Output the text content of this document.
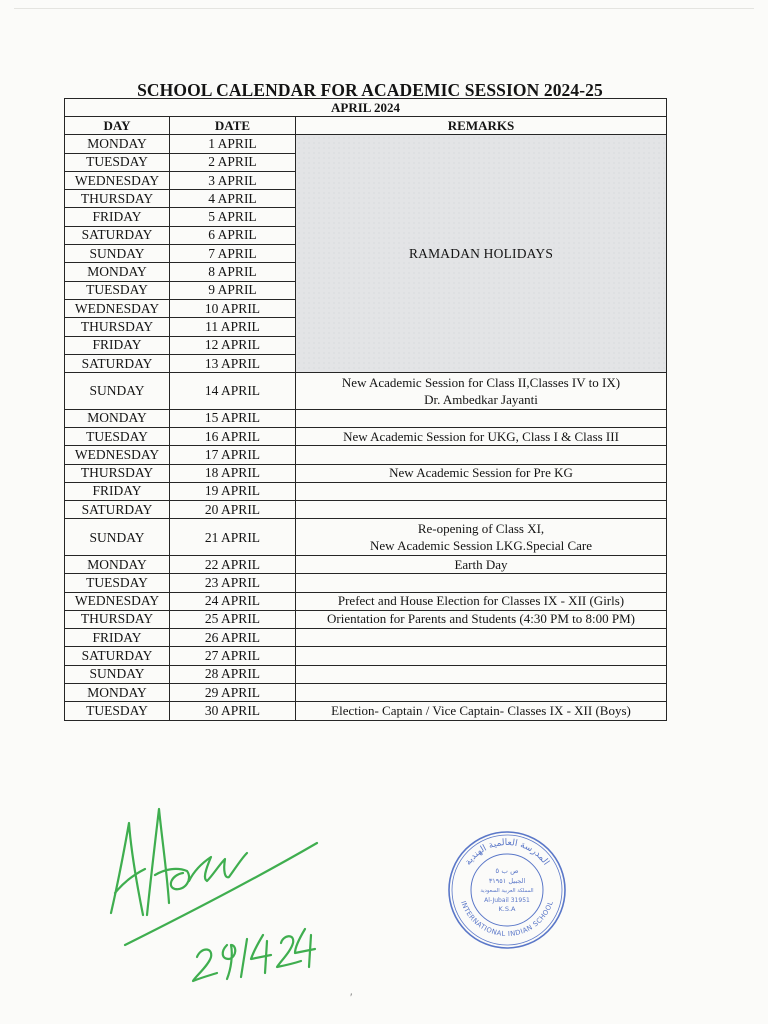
SCHOOL CALENDAR FOR ACADEMIC SESSION 2024-25
APRIL 2024		
DAY	DATE	REMARKS
MONDAY	1 APRIL	RAMADAN HOLIDAYS
TUESDAY	2 APRIL	
WEDNESDAY	3 APRIL	
THURSDAY	4 APRIL	
FRIDAY	5 APRIL	
SATURDAY	6 APRIL	
SUNDAY	7 APRIL	
MONDAY	8 APRIL	
TUESDAY	9 APRIL	
WEDNESDAY	10 APRIL	
THURSDAY	11 APRIL	
FRIDAY	12 APRIL	
SATURDAY	13 APRIL	
SUNDAY	14 APRIL	New Academic Session for Class II,Classes IV to IX)
Dr. Ambedkar Jayanti

MONDAY	15 APRIL	
TUESDAY	16 APRIL	New Academic Session for UKG, Class I & Class III
WEDNESDAY	17 APRIL	
THURSDAY	18 APRIL	New Academic Session for Pre KG
FRIDAY	19 APRIL	
SATURDAY	20 APRIL	
SUNDAY	21 APRIL	Re-opening of Class XI,
New Academic Session LKG.Special Care

MONDAY	22 APRIL	Earth Day
TUESDAY	23 APRIL	
WEDNESDAY	24 APRIL	Prefect and House Election for Classes IX - XII (Girls)
THURSDAY	25 APRIL	Orientation for Parents and Students (4:30 PM to 8:00 PM)
FRIDAY	26 APRIL	
SATURDAY	27 APRIL	
SUNDAY	28 APRIL	
MONDAY	29 APRIL	
TUESDAY	30 APRIL	Election- Captain / Vice Captain- Classes IX - XII (Boys)
المدرسة العالمية الهندية
INTERNATIONAL INDIAN SCHOOL
ص ب ٥
الجبيل ٣١٩٥١
المملكة العربية السعودية
Al-Jubail 31951
K.S.A
′
